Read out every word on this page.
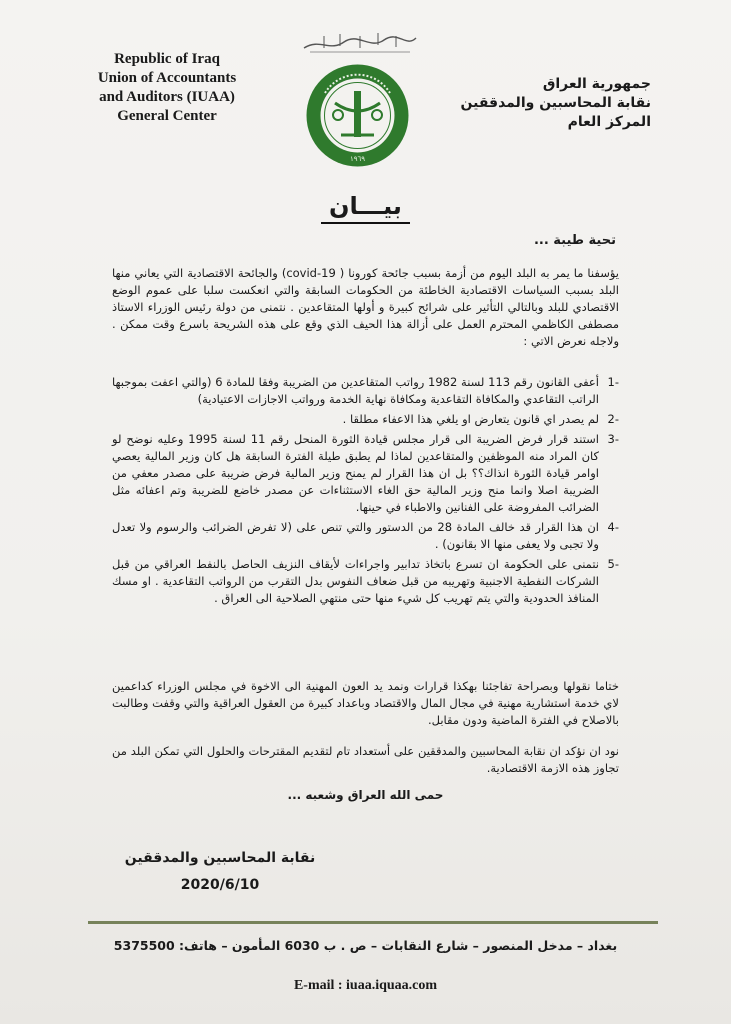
Republic of Iraq
Union of Accountants
and Auditors (IUAA)
General Center
١٩٦٩
جمهورية العراق
نقابة المحاسبين والمدققين
المركز العام
بيـــان
تحية طيبة ...
يؤسفنا ما يمر به البلد اليوم من أزمة بسبب جائحة كورونا ( covid-19) والجائحة الاقتصادية التي يعاني منها البلد بسبب السياسات الاقتصادية الخاطئة من الحكومات السابقة والتي انعكست سلبا على عموم الوضع الاقتصادي للبلد وبالتالي التأثير على شرائح كبيرة و أولها المتقاعدين . نتمنى من دولة رئيس الوزراء الاستاذ مصطفى الكاظمي المحترم العمل على أزالة هذا الحيف الذي وقع على هذه الشريحة باسرع وقت ممكن . ولاجله نعرض الاتي :
-1
أعفى القانون رقم 113 لسنة 1982 رواتب المتقاعدين من الضريبة وفقا للمادة 6 (والتي اعفت بموجبها الراتب التقاعدي والمكافاة التقاعدية ومكافاة نهاية الخدمة ورواتب الاجازات الاعتيادية)
-2
لم يصدر اي قانون يتعارض او يلغي هذا الاعفاء مطلقا .
-3
استند قرار فرض الضريبة الى قرار مجلس قيادة الثورة المنحل رقم 11 لسنة 1995 وعليه نوضح لو كان المراد منه الموظفين والمتقاعدين لماذا لم يطبق طيلة الفترة السابقة هل كان وزير المالية يعصي اوامر قيادة الثورة انذاك؟؟ بل ان هذا القرار لم يمنح وزير المالية فرض ضريبة على مصدر معفي من الضريبة اصلا وانما منح وزير المالية حق الغاء الاستثناءات عن مصدر خاضع للضريبة وتم اعفائه مثل الضرائب المفروضة على الفنانين والاطباء في حينها.
-4
ان هذا القرار قد خالف المادة 28 من الدستور والتي تنص على (لا تفرض الضرائب والرسوم ولا تعدل ولا تجبى ولا يعفى منها الا بقانون) .
-5
نتمنى على الحكومة ان تسرع باتخاذ تدابير واجراءات لأيقاف النزيف الحاصل بالنفط العراقي من قبل الشركات النفطية الاجنبية وتهريبه من قبل ضعاف النفوس بدل التقرب من الرواتب التقاعدية . او مسك المنافذ الحدودية والتي يتم تهريب كل شيء منها حتى منتهي الصلاحية الى العراق .
ختاما نقولها وبصراحة تفاجئنا بهكذا قرارات ونمد يد العون المهنية الى الاخوة في مجلس الوزراء كداعمين لاي خدمة استشارية مهنية في مجال المال والاقتصاد وباعداد كبيرة من العقول العراقية والتي وقفت وطالبت بالاصلاح في الفترة الماضية ودون مقابل.
نود ان نؤكد ان نقابة المحاسبين والمدققين على أستعداد تام لتقديم المقترحات والحلول التي تمكن البلد من تجاوز هذه الازمة الاقتصادية.
حمى الله العراق وشعبه ...
نقابة المحاسبين والمدققين
2020/6/10
بغداد – مدخل المنصور – شارع النقابات – ص . ب 6030 المأمون – هاتف: 5375500
E-mail : iuaa.iquaa.com
